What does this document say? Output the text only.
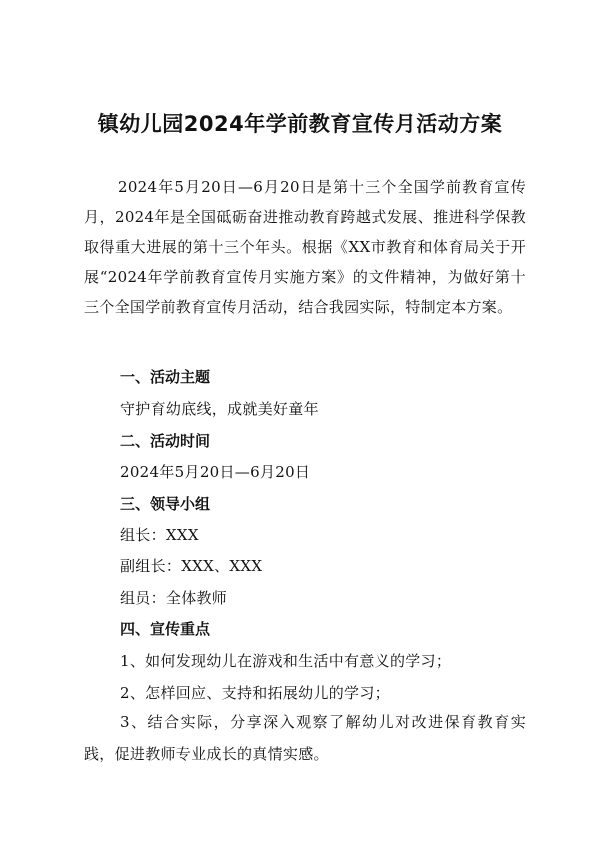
镇幼儿园2024年学前教育宣传月活动方案

2024年5月20日—6月20日是第十三个全国学前教育宣传月，2024年是全国砥砺奋进推动教育跨越式发展、推进科学保教取得重大进展的第十三个年头。根据《XX市教育和体育局关于开展“2024年学前教育宣传月实施方案》的文件精神，为做好第十三个全国学前教育宣传月活动，结合我园实际，特制定本方案。

一、活动主题
守护育幼底线，成就美好童年
二、活动时间
2024年5月20日—6月20日
三、领导小组
组长：XXX
副组长：XXX、XXX
组员：全体教师
四、宣传重点
1、如何发现幼儿在游戏和生活中有意义的学习；
2、怎样回应、支持和拓展幼儿的学习；

3、结合实际，分享深入观察了解幼儿对改进保育教育实践，促进教师专业成长的真情实感。
